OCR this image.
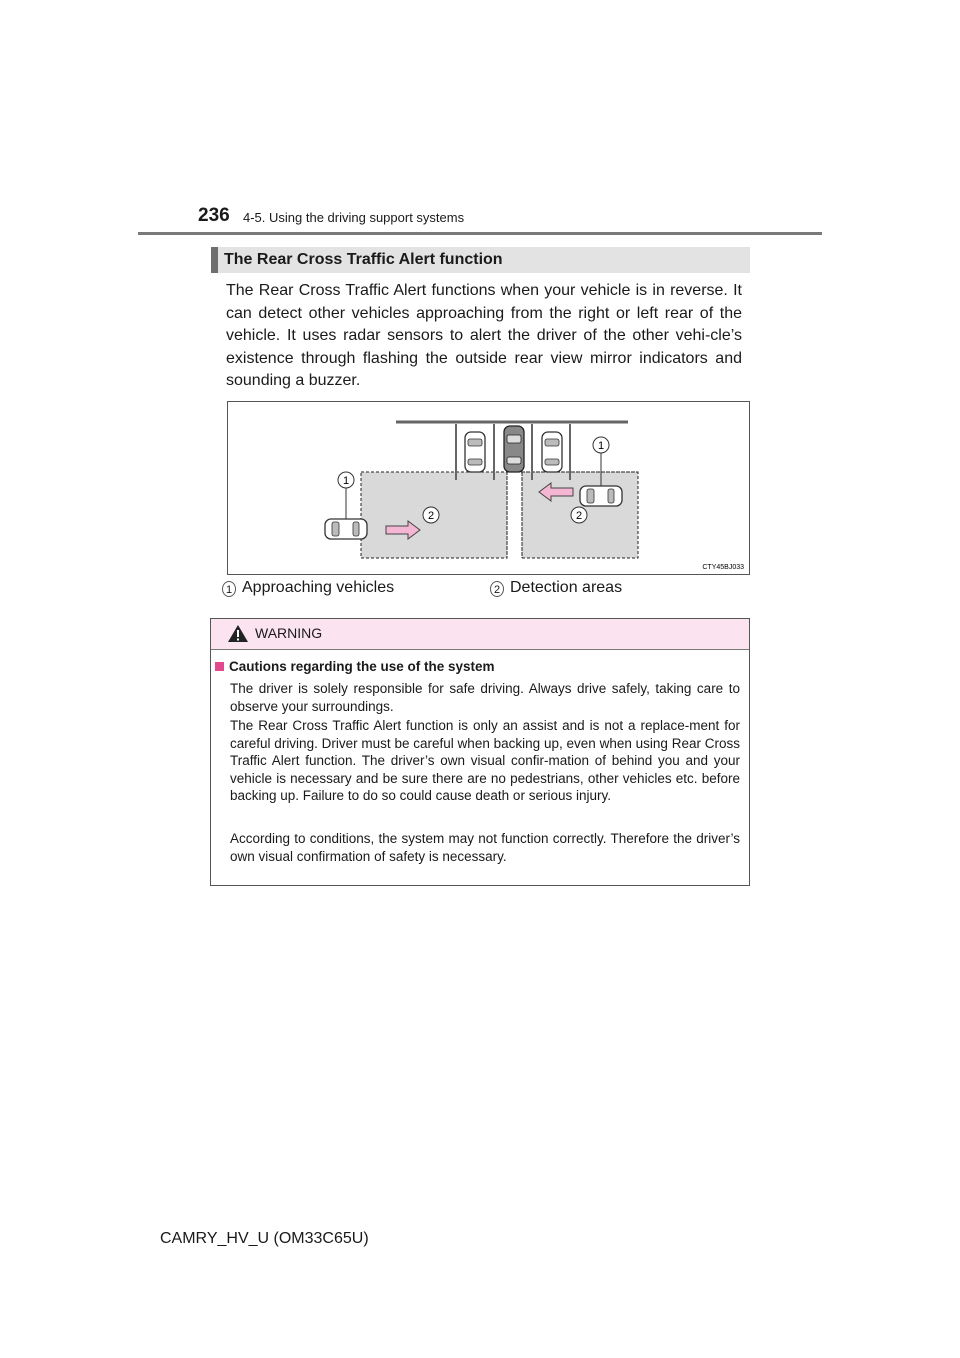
236 4-5. Using the driving support systems
The Rear Cross Traffic Alert function
The Rear Cross Traffic Alert functions when your vehicle is in reverse. It can detect other vehicles approaching from the right or left rear of the vehicle. It uses radar sensors to alert the driver of the other vehi-cle’s existence through flashing the outside rear view mirror indicators and sounding a buzzer.
1
1
2	2
CTY45BJ033
1 Approaching vehicles	2 Detection areas
WARNING
Cautions regarding the use of the system
The driver is solely responsible for safe driving. Always drive safely, taking care to observe your surroundings.
The Rear Cross Traffic Alert function is only an assist and is not a replace-ment for careful driving. Driver must be careful when backing up, even when using Rear Cross Traffic Alert function. The driver’s own visual confir-mation of behind you and your vehicle is necessary and be sure there are no pedestrians, other vehicles etc. before backing up. Failure to do so could cause death or serious injury.
According to conditions, the system may not function correctly. Therefore the driver’s own visual confirmation of safety is necessary.
CAMRY_HV_U (OM33C65U)
